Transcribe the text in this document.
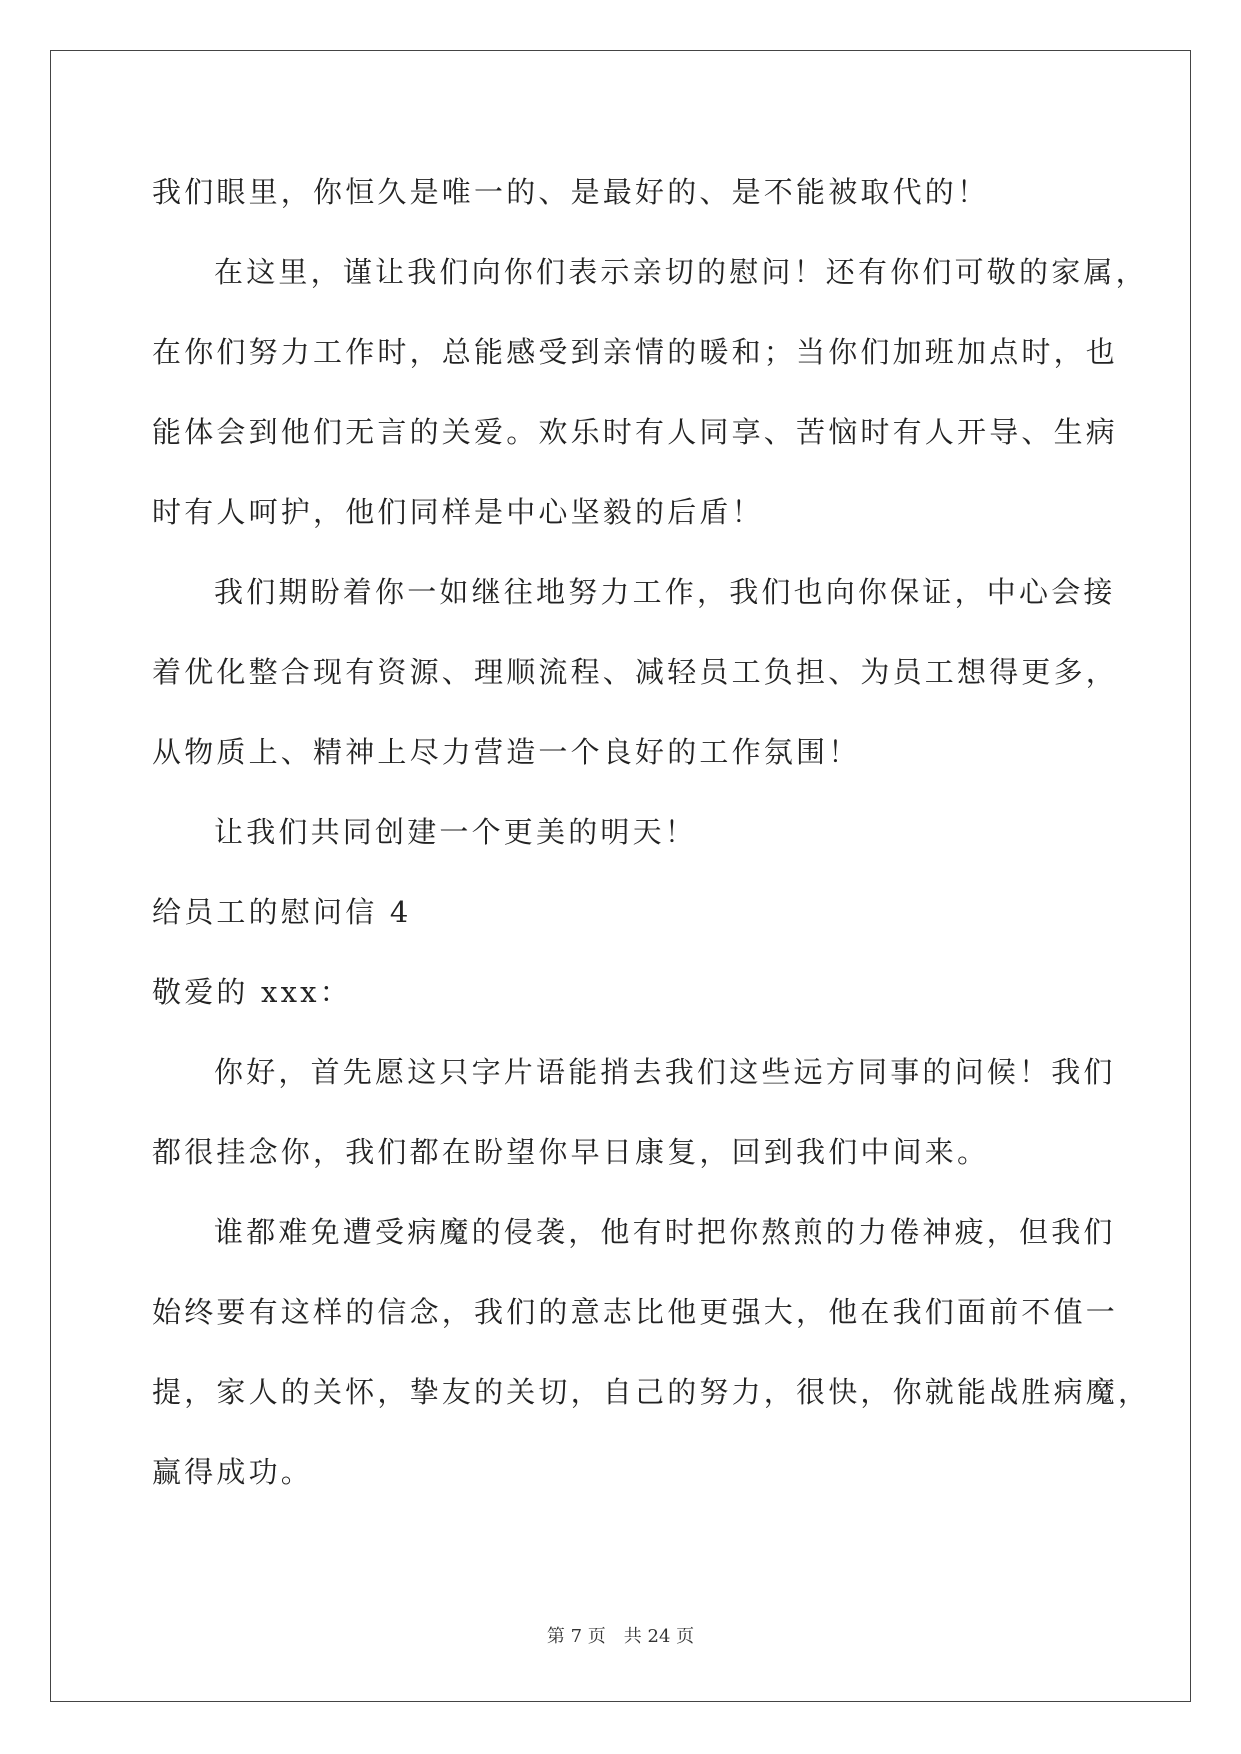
我们眼里，你恒久是唯一的、是最好的、是不能被取代的！
在这里，谨让我们向你们表示亲切的慰问！还有你们可敬的家属，
在你们努力工作时，总能感受到亲情的暖和；当你们加班加点时，也
能体会到他们无言的关爱。欢乐时有人同享、苦恼时有人开导、生病
时有人呵护，他们同样是中心坚毅的后盾！
我们期盼着你一如继往地努力工作，我们也向你保证，中心会接
着优化整合现有资源、理顺流程、减轻员工负担、为员工想得更多，
从物质上、精神上尽力营造一个良好的工作氛围！
让我们共同创建一个更美的明天！
给员工的慰问信 4
敬爱的 xxx：
你好，首先愿这只字片语能捎去我们这些远方同事的问候！我们
都很挂念你，我们都在盼望你早日康复，回到我们中间来。
谁都难免遭受病魔的侵袭，他有时把你熬煎的力倦神疲，但我们
始终要有这样的信念，我们的意志比他更强大，他在我们面前不值一
提，家人的关怀，挚友的关切，自己的努力，很快，你就能战胜病魔，
赢得成功。
第 7 页 共 24 页
